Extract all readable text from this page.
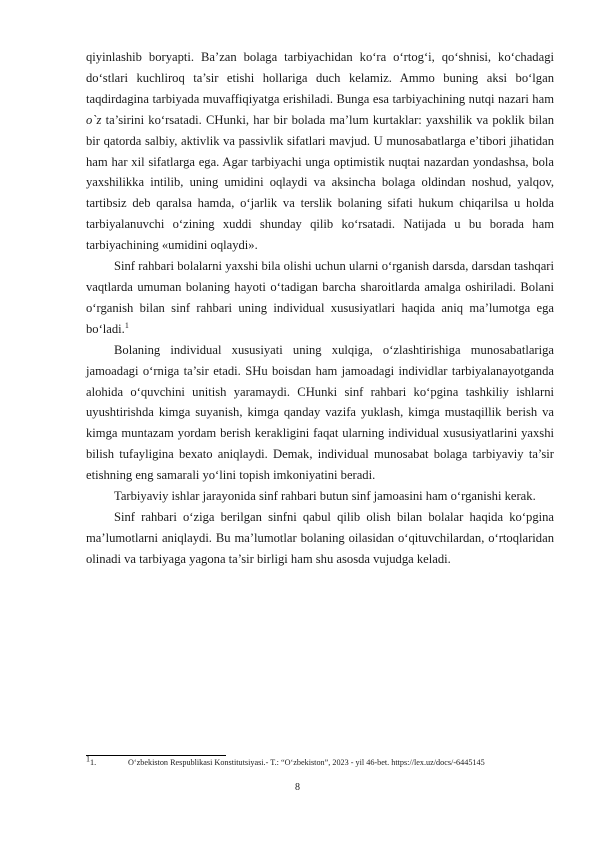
qiyinlashib boryapti. Ba’zan bolaga tarbiyachidan ko‘ra o‘rtog‘i, qo‘shnisi, ko‘chadagi do‘stlari kuchliroq ta’sir etishi hollariga duch kelamiz. Ammo buning aksi bo‘lgan taqdirdagina tarbiyada muvaffiqiyatga erishiladi. Bunga esa tarbiyachining nutqi nazari ham o`z ta’sirini ko‘rsatadi. CHunki, har bir bolada ma’lum kurtaklar: yaxshilik va poklik bilan bir qatorda salbiy, aktivlik va passivlik sifatlari mavjud. U munosabatlarga e’tibori jihatidan ham har xil sifatlarga ega. Agar tarbiyachi unga optimistik nuqtai nazardan yondashsa, bola yaxshilikka intilib, uning umidini oqlaydi va aksincha bolaga oldindan noshud, yalqov, tartibsiz deb qaralsa hamda, o‘jarlik va terslik bolaning sifati hukum chiqarilsa u holda tarbiyalanuvchi o‘zining xuddi shunday qilib ko‘rsatadi. Natijada u bu borada ham tarbiyachining «umidini oqlaydi».

Sinf rahbari bolalarni yaxshi bila olishi uchun ularni o‘rganish darsda, darsdan tashqari vaqtlarda umuman bolaning hayoti o‘tadigan barcha sharoitlarda amalga oshiriladi. Bolani o‘rganish bilan sinf rahbari uning individual xususiyatlari haqida aniq ma’lumotga ega bo‘ladi.$^1$

Bolaning individual xususiyati uning xulqiga, o‘zlashtirishiga munosabatlariga jamoadagi o‘rniga ta’sir etadi. SHu boisdan ham jamoadagi individlar tarbiyalanayotganda alohida o‘quvchini unitish yaramaydi. CHunki sinf rahbari ko‘pgina tashkiliy ishlarni uyushtirishda kimga suyanish, kimga qanday vazifa yuklash, kimga mustaqillik berish va kimga muntazam yordam berish kerakligini faqat ularning individual xususiyatlarini yaxshi bilish tufayligina bexato aniqlaydi. Demak, individual munosabat bolaga tarbiyaviy ta’sir etishning eng samarali yo‘lini topish imkoniyatini beradi.

Tarbiyaviy ishlar jarayonida sinf rahbari butun sinf jamoasini ham o‘rganishi kerak.

Sinf rahbari o‘ziga berilgan sinfni qabul qilib olish bilan bolalar haqida ko‘pgina ma’lumotlarni aniqlaydi. Bu ma’lumotlar bolaning oilasidan o‘qituvchilardan, o‘rtoqlaridan olinadi va tarbiyaga yagona ta’sir birligi ham shu asosda vujudga keladi.

$^1$1.	O‘zbekiston Respublikasi Konstitutsiyasi.- T.: “O‘zbekiston”, 2023 - yil 46-bet. https://lex.uz/docs/-6445145
8
